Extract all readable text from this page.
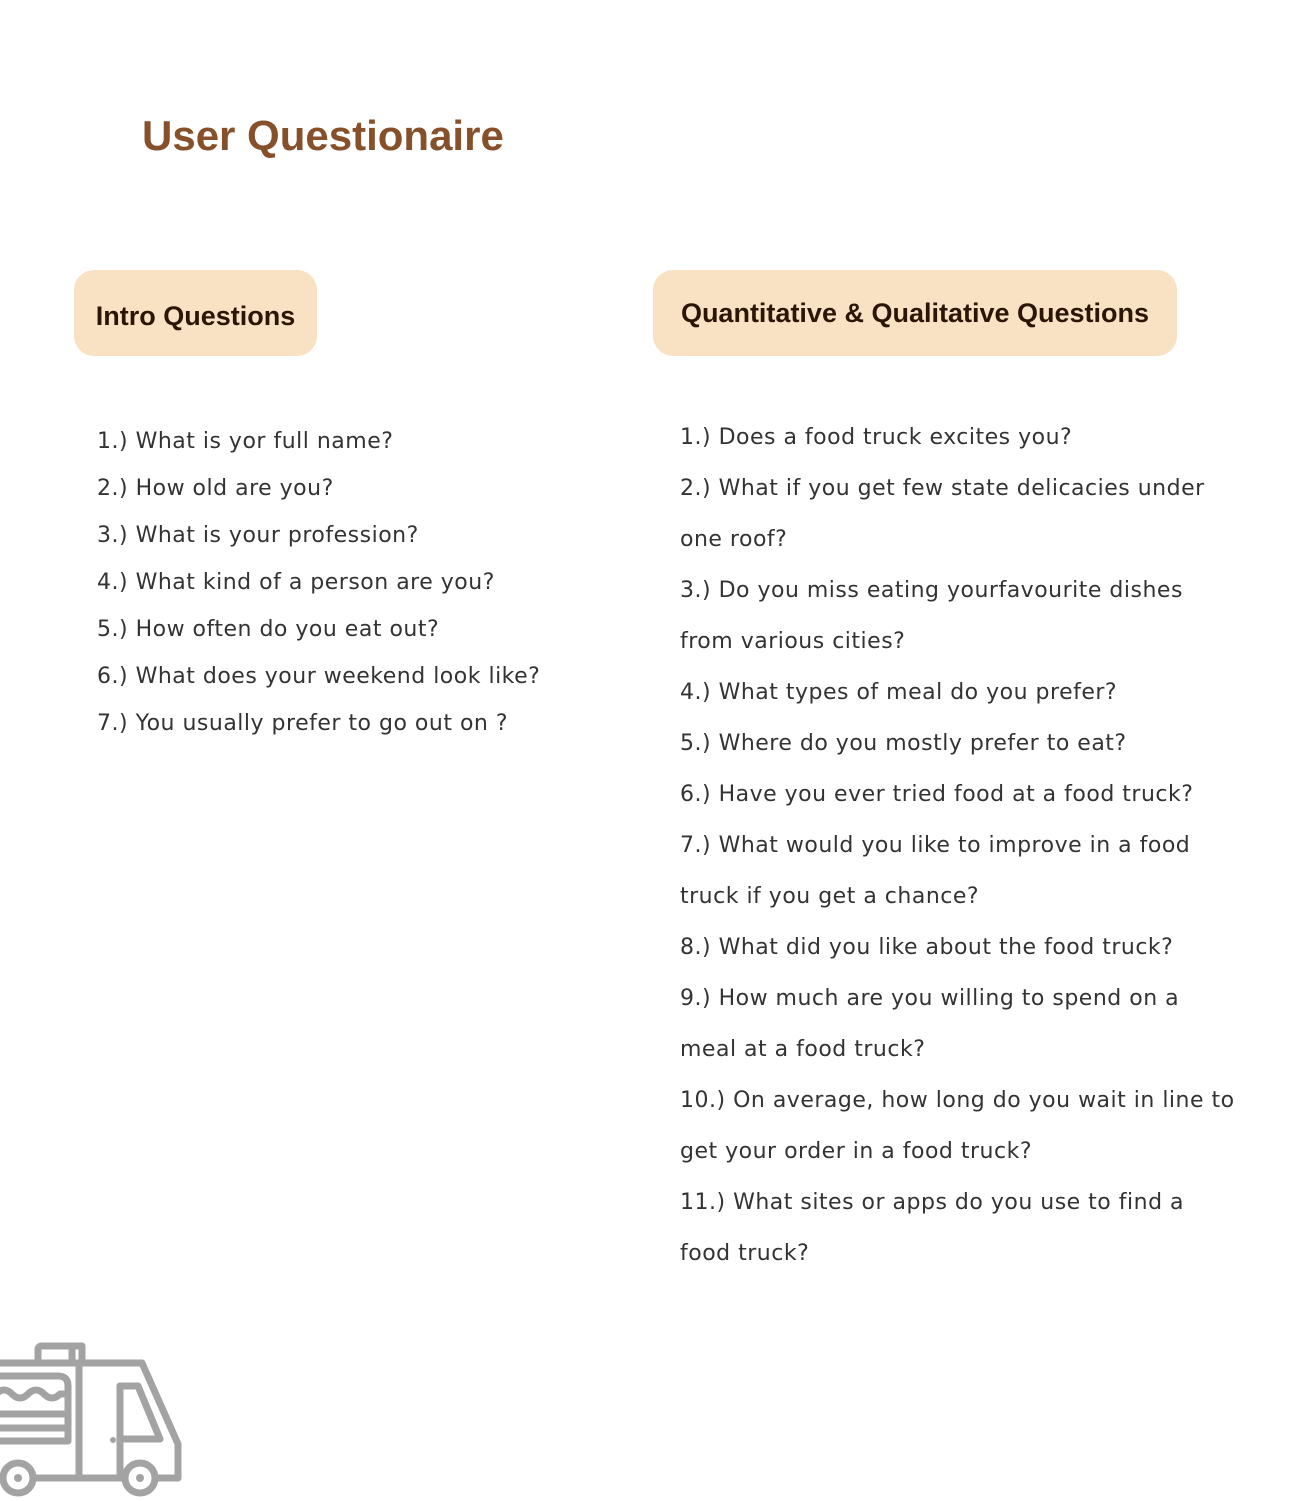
User Questionaire
Intro Questions	Quantitative & Qualitative Questions
1.) What is yor full name?
2.) How old are you?
3.) What is your profession?
4.) What kind of a person are you?
5.) How often do you eat out?
6.) What does your weekend look like?
7.) You usually prefer to go out on ?
1.) Does a food truck excites you?
2.) What if you get few state delicacies under one roof?
3.) Do you miss eating yourfavourite dishes from various cities?
4.) What types of meal do you prefer?
5.) Where do you mostly prefer to eat?
6.) Have you ever tried food at a food truck?
7.) What would you like to improve in a food truck if you get a chance?
8.) What did you like about the food truck?
9.) How much are you willing to spend on a meal at a food truck?
10.) On average, how long do you wait in line to get your order in a food truck?
11.) What sites or apps do you use to find a food truck?
